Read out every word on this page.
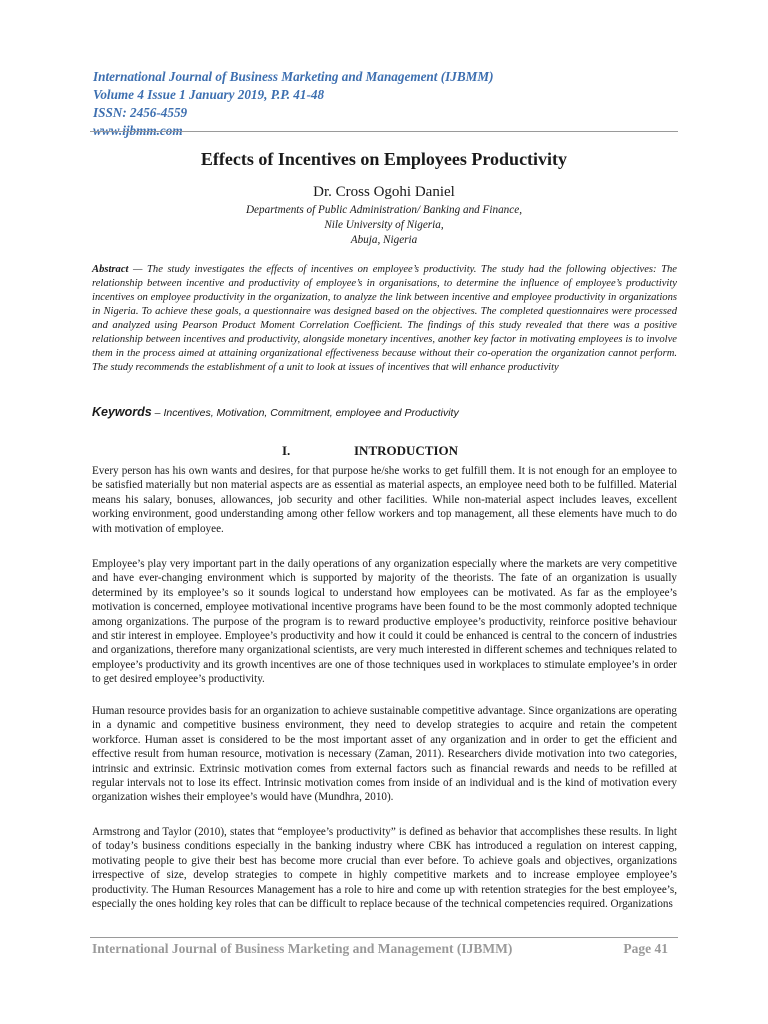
International Journal of Business Marketing and Management (IJBMM)
Volume 4 Issue 1 January 2019, P.P. 41-48
ISSN: 2456-4559
www.ijbmm.com
Effects of Incentives on Employees Productivity
Dr. Cross Ogohi Daniel
Departments of Public Administration/ Banking and Finance,
Nile University of Nigeria,
Abuja, Nigeria

Abstract — The study investigates the effects of incentives on employee’s productivity. The study had the following objectives: The relationship between incentive and productivity of employee’s in organisations, to determine the influence of employee’s productivity incentives on employee productivity in the organization, to analyze the link between incentive and employee productivity in organizations in Nigeria. To achieve these goals, a questionnaire was designed based on the objectives. The completed questionnaires were processed and analyzed using Pearson Product Moment Correlation Coefficient. The findings of this study revealed that there was a positive relationship between incentives and productivity, alongside monetary incentives, another key factor in motivating employees is to involve them in the process aimed at attaining organizational effectiveness because without their co-operation the organization cannot perform. The study recommends the establishment of a unit to look at issues of incentives that will enhance productivity

Keywords – Incentives, Motivation, Commitment, employee and Productivity
I.	INTRODUCTION

Every person has his own wants and desires, for that purpose he/she works to get fulfill them. It is not enough for an employee to be satisfied materially but non material aspects are as essential as material aspects, an employee need both to be fulfilled. Material means his salary, bonuses, allowances, job security and other facilities. While non-material aspect includes leaves, excellent working environment, good understanding among other fellow workers and top management, all these elements have much to do with motivation of employee.

Employee’s play very important part in the daily operations of any organization especially where the markets are very competitive and have ever-changing environment which is supported by majority of the theorists. The fate of an organization is usually determined by its employee’s so it sounds logical to understand how employees can be motivated. As far as the employee’s motivation is concerned, employee motivational incentive programs have been found to be the most commonly adopted technique among organizations. The purpose of the program is to reward productive employee’s productivity, reinforce positive behaviour and stir interest in employee. Employee’s productivity and how it could it could be enhanced is central to the concern of industries and organizations, therefore many organizational scientists, are very much interested in different schemes and techniques related to employee’s productivity and its growth incentives are one of those techniques used in workplaces to stimulate employee’s in order to get desired employee’s productivity.

Human resource provides basis for an organization to achieve sustainable competitive advantage. Since organizations are operating in a dynamic and competitive business environment, they need to develop strategies to acquire and retain the competent workforce. Human asset is considered to be the most important asset of any organization and in order to get the efficient and effective result from human resource, motivation is necessary (Zaman, 2011). Researchers divide motivation into two categories, intrinsic and extrinsic. Extrinsic motivation comes from external factors such as financial rewards and needs to be refilled at regular intervals not to lose its effect. Intrinsic motivation comes from inside of an individual and is the kind of motivation every organization wishes their employee’s would have (Mundhra, 2010).

Armstrong and Taylor (2010), states that “employee’s productivity” is defined as behavior that accomplishes these results. In light of today’s business conditions especially in the banking industry where CBK has introduced a regulation on interest capping, motivating people to give their best has become more crucial than ever before. To achieve goals and objectives, organizations irrespective of size, develop strategies to compete in highly competitive markets and to increase employee employee’s productivity. The Human Resources Management has a role to hire and come up with retention strategies for the best employee’s, especially the ones holding key roles that can be difficult to replace because of the technical competencies required. Organizations

International Journal of Business Marketing and Management (IJBMM)	Page 41
